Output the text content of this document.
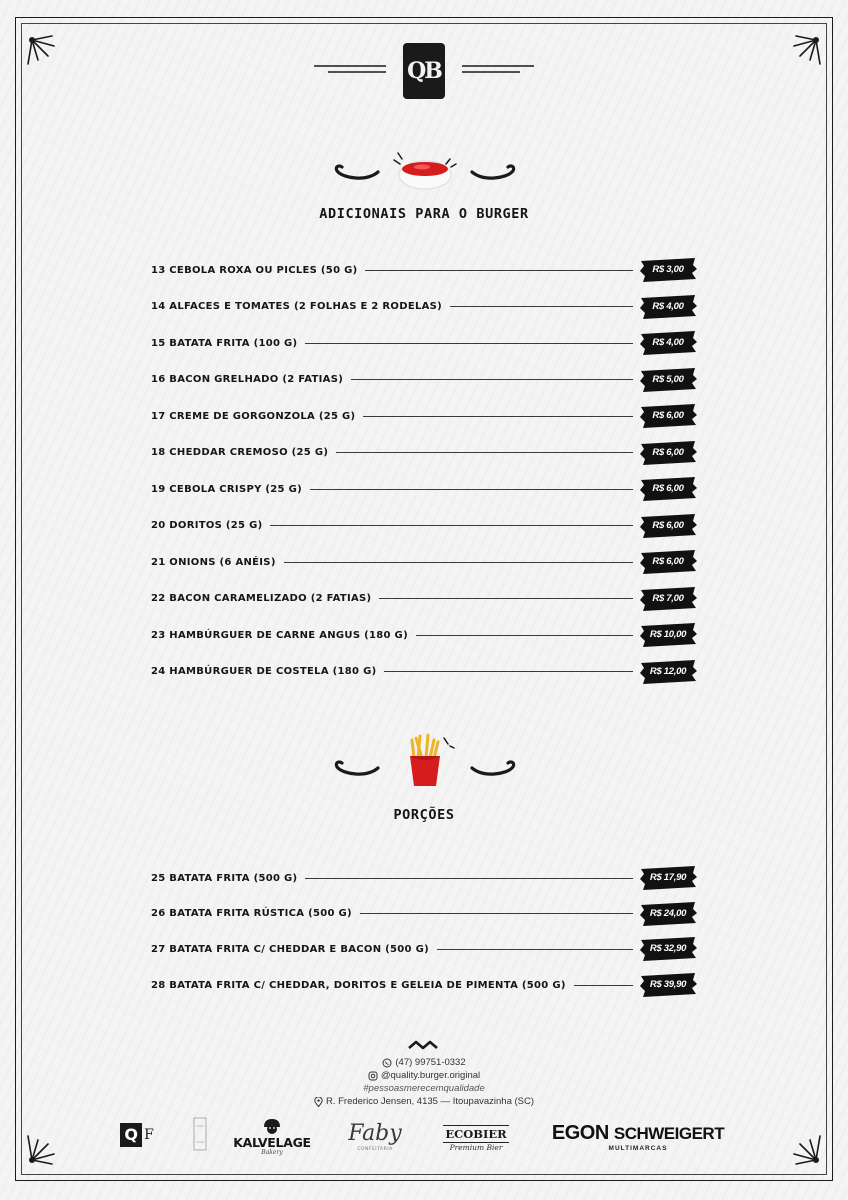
QB
ADICIONAIS PARA O BURGER
13 CEBOLA ROXA OU PICLES (50 G)	R$ 3,00
14 ALFACES E TOMATES (2 FOLHAS E 2 RODELAS)	R$ 4,00
15 BATATA FRITA (100 G)	R$ 4,00
16 BACON GRELHADO (2 FATIAS)	R$ 5,00
17 CREME DE GORGONZOLA (25 G)	R$ 6,00
18 CHEDDAR CREMOSO (25 G)	R$ 6,00
19 CEBOLA CRISPY (25 G)	R$ 6,00
20 DORITOS (25 G)	R$ 6,00
21 ONIONS (6 ANÉIS)	R$ 6,00
22 BACON CARAMELIZADO (2 FATIAS)	R$ 7,00
23 HAMBÚRGUER DE CARNE ANGUS (180 G)	R$ 10,00
24 HAMBÚRGUER DE COSTELA (180 G)	R$ 12,00
PORÇÕES
25 BATATA FRITA (500 G)	R$ 17,90
26 BATATA FRITA RÚSTICA (500 G)	R$ 24,00
27 BATATA FRITA C/ CHEDDAR E BACON (500 G)	R$ 32,90
28 BATATA FRITA C/ CHEDDAR, DORITOS E GELEIA DE PIMENTA (500 G)	R$ 39,90
(47) 99751-0332
@quality.burger.original
#pessoasmerecemqualidade
R. Frederico Jensen, 4135 — Itoupavazinha (SC)
Q F	KALVELAGE
Bakery
Faby
CONFEITARIA
ECOBIER
Premium Bier
EGON SCHWEIGERT
MULTIMARCAS
